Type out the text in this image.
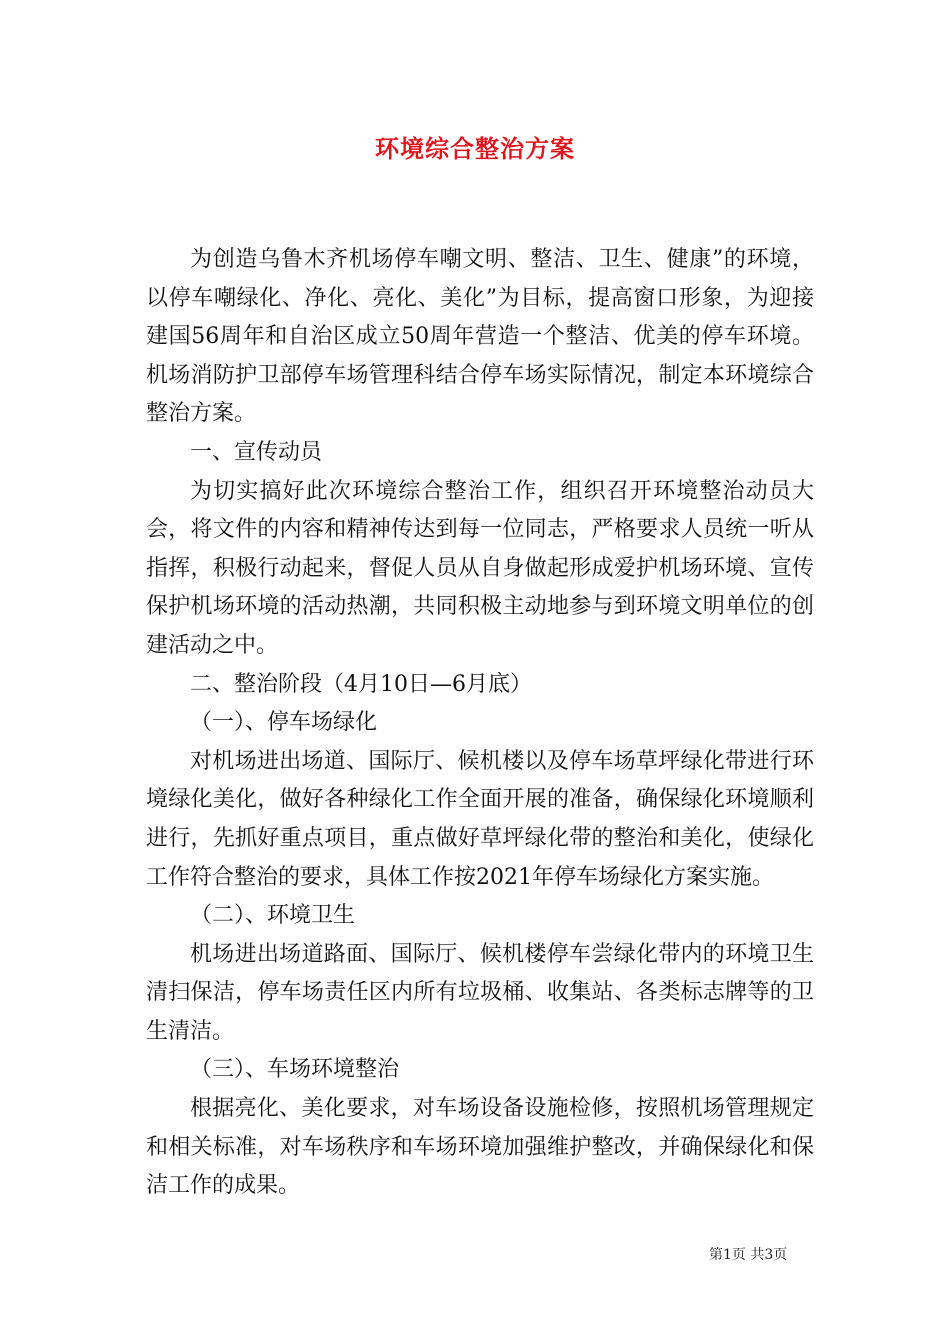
环境综合整治方案

为创造乌鲁木齐机场停车嘲文明、整洁、卫生、健康”的环境，以停车嘲绿化、净化、亮化、美化”为目标，提高窗口形象，为迎接建国56周年和自治区成立50周年营造一个整洁、优美的停车环境。机场消防护卫部停车场管理科结合停车场实际情况，制定本环境综合整治方案。

一、宣传动员

为切实搞好此次环境综合整治工作，组织召开环境整治动员大会，将文件的内容和精神传达到每一位同志，严格要求人员统一听从指挥，积极行动起来，督促人员从自身做起形成爱护机场环境、宣传保护机场环境的活动热潮，共同积极主动地参与到环境文明单位的创建活动之中。

二、整治阶段（4月10日—6月底）

（一）、停车场绿化

对机场进出场道、国际厅、候机楼以及停车场草坪绿化带进行环境绿化美化，做好各种绿化工作全面开展的准备，确保绿化环境顺利进行，先抓好重点项目，重点做好草坪绿化带的整治和美化，使绿化工作符合整治的要求，具体工作按2021年停车场绿化方案实施。

（二）、环境卫生

机场进出场道路面、国际厅、候机楼停车尝绿化带内的环境卫生清扫保洁，停车场责任区内所有垃圾桶、收集站、各类标志牌等的卫生清洁。

（三）、车场环境整治

根据亮化、美化要求，对车场设备设施检修，按照机场管理规定和相关标准，对车场秩序和车场环境加强维护整改，并确保绿化和保洁工作的成果。

第1页 共3页
